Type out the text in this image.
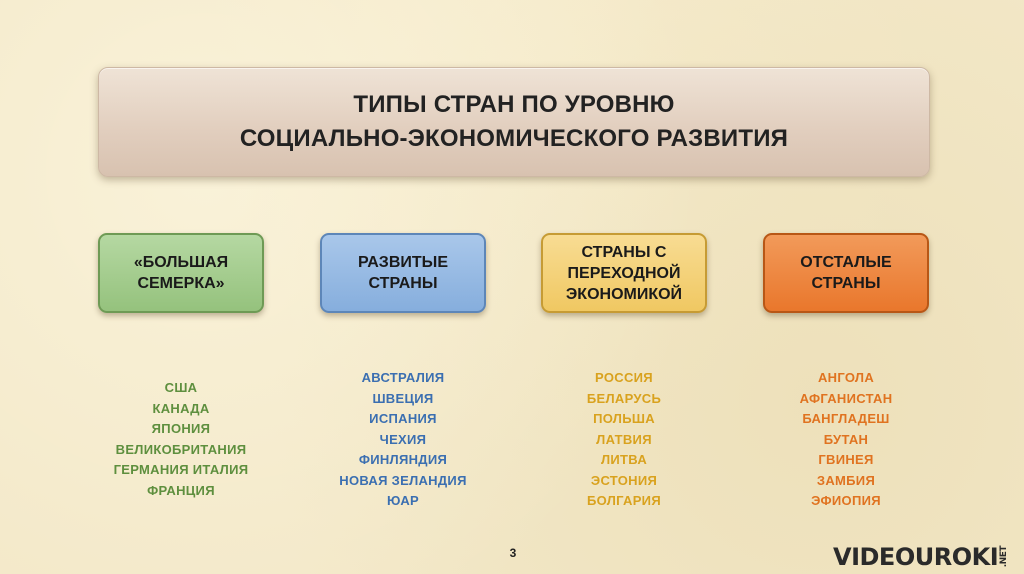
ТИПЫ СТРАН ПО УРОВНЮ
СОЦИАЛЬНО-ЭКОНОМИЧЕСКОГО РАЗВИТИЯ
«БОЛЬШАЯ
СЕМЕРКА»
РАЗВИТЫЕ
СТРАНЫ
СТРАНЫ С
ПЕРЕХОДНОЙ
ЭКОНОМИКОЙ
ОТСТАЛЫЕ
СТРАНЫ
США
КАНАДА
ЯПОНИЯ
ВЕЛИКОБРИТАНИЯ
ГЕРМАНИЯ ИТАЛИЯ
ФРАНЦИЯ
АВСТРАЛИЯ
ШВЕЦИЯ
ИСПАНИЯ
ЧЕХИЯ
ФИНЛЯНДИЯ
НОВАЯ ЗЕЛАНДИЯ
ЮАР
РОССИЯ
БЕЛАРУСЬ
ПОЛЬША
ЛАТВИЯ
ЛИТВА
ЭСТОНИЯ
БОЛГАРИЯ
АНГОЛА
АФГАНИСТАН
БАНГЛАДЕШ
БУТАН
ГВИНЕЯ
ЗАМБИЯ
ЭФИОПИЯ
3	VIDEOUROKI .NET
